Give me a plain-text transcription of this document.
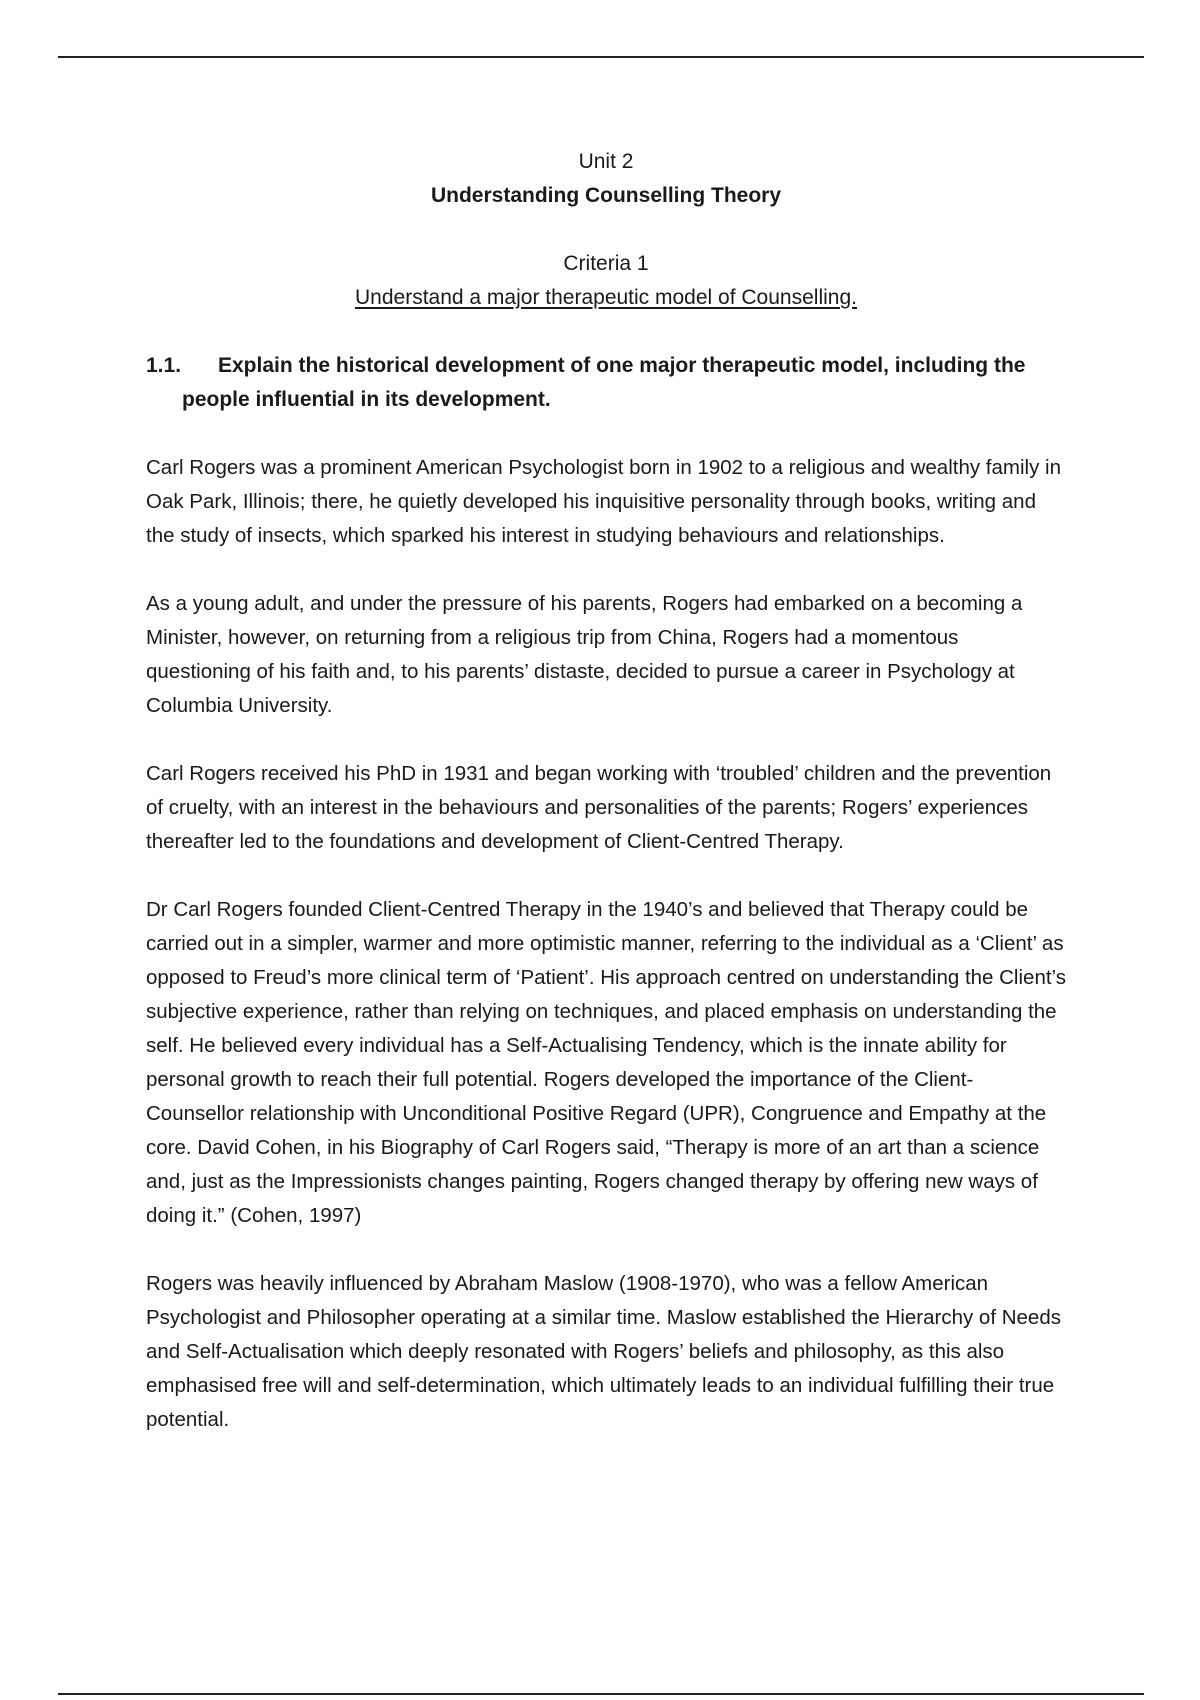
Unit 2

Understanding Counselling Theory

Criteria 1

Understand a major therapeutic model of Counselling.

1.1. Explain the historical development of one major therapeutic model, including the people influential in its development.

Carl Rogers was a prominent American Psychologist born in 1902 to a religious and wealthy family in Oak Park, Illinois; there, he quietly developed his inquisitive personality through books, writing and the study of insects, which sparked his interest in studying behaviours and relationships.

As a young adult, and under the pressure of his parents, Rogers had embarked on a becoming a Minister, however, on returning from a religious trip from China, Rogers had a momentous questioning of his faith and, to his parents’ distaste, decided to pursue a career in Psychology at Columbia University.

Carl Rogers received his PhD in 1931 and began working with ‘troubled’ children and the prevention of cruelty, with an interest in the behaviours and personalities of the parents; Rogers’ experiences thereafter led to the foundations and development of Client-Centred Therapy.

Dr Carl Rogers founded Client-Centred Therapy in the 1940’s and believed that Therapy could be carried out in a simpler, warmer and more optimistic manner, referring to the individual as a ‘Client’ as opposed to Freud’s more clinical term of ‘Patient’. His approach centred on understanding the Client’s subjective experience, rather than relying on techniques, and placed emphasis on understanding the self. He believed every individual has a Self-Actualising Tendency, which is the innate ability for personal growth to reach their full potential. Rogers developed the importance of the Client-Counsellor relationship with Unconditional Positive Regard (UPR), Congruence and Empathy at the core. David Cohen, in his Biography of Carl Rogers said, “Therapy is more of an art than a science and, just as the Impressionists changes painting, Rogers changed therapy by offering new ways of doing it.” (Cohen, 1997)

Rogers was heavily influenced by Abraham Maslow (1908-1970), who was a fellow American Psychologist and Philosopher operating at a similar time. Maslow established the Hierarchy of Needs and Self-Actualisation which deeply resonated with Rogers’ beliefs and philosophy, as this also emphasised free will and self-determination, which ultimately leads to an individual fulfilling their true potential.
